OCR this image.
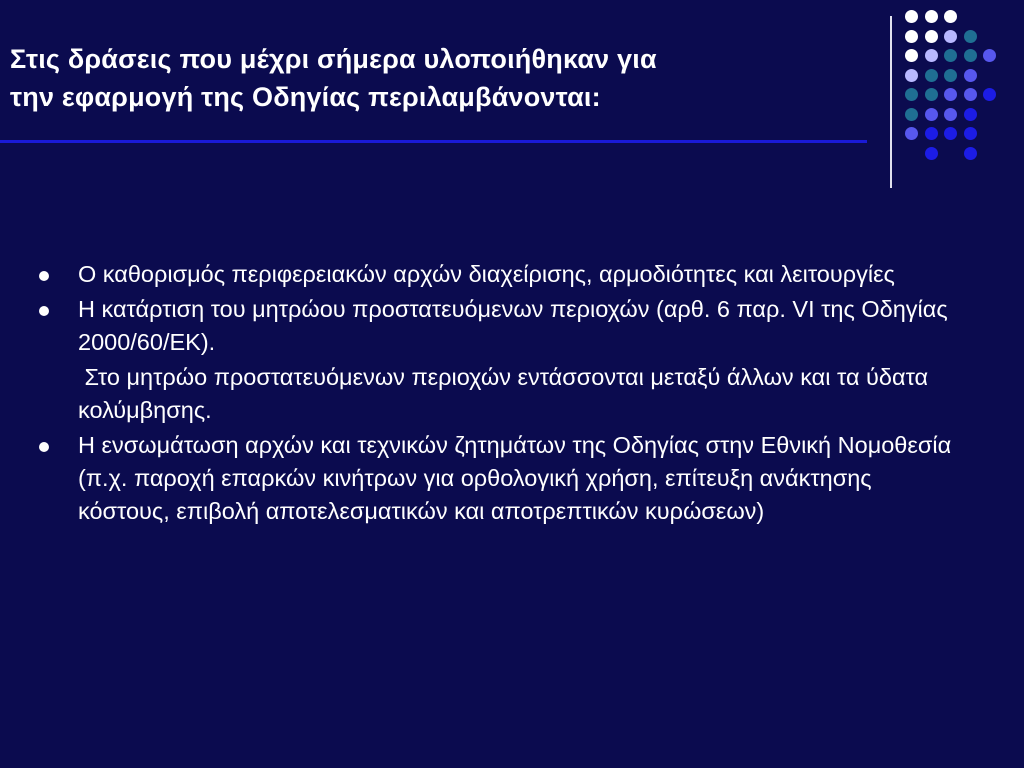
Στις δράσεις που μέχρι σήμερα υλοποιήθηκαν για
την εφαρμογή της Οδηγίας περιλαμβάνονται:
Ο καθορισμός περιφερειακών αρχών διαχείρισης, αρμοδιότητες και λειτουργίες
Η κατάρτιση του μητρώου προστατευόμενων περιοχών (αρθ. 6 παρ. VI της Οδηγίας 2000/60/ΕΚ).
Στο μητρώο προστατευόμενων περιοχών εντάσσονται μεταξύ άλλων και τα ύδατα κολύμβησης.
Η ενσωμάτωση αρχών και τεχνικών ζητημάτων της Οδηγίας στην Εθνική Νομοθεσία (π.χ. παροχή επαρκών κινήτρων για ορθολογική χρήση, επίτευξη ανάκτησης κόστους, επιβολή αποτελεσματικών και αποτρεπτικών κυρώσεων)
